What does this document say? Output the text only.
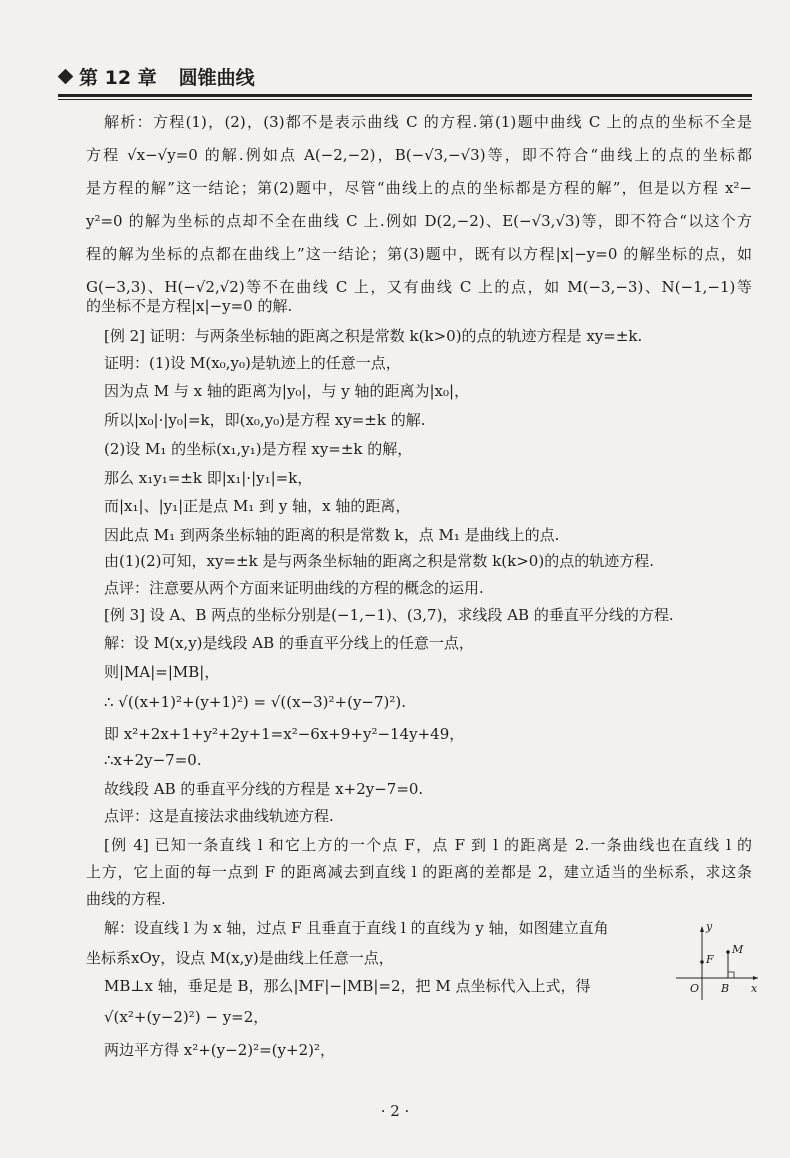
第 12 章 圆锥曲线
解析：方程(1)，(2)，(3)都不是表示曲线 C 的方程.第(1)题中曲线 C 上的点的坐标不全是
方程 √x−√y=0 的解.例如点 A(−2,−2)，B(−√3,−√3)等，即不符合“曲线上的点的坐标都
是方程的解”这一结论；第(2)题中，尽管“曲线上的点的坐标都是方程的解”，但是以方程 x²−
y²=0 的解为坐标的点却不全在曲线 C 上.例如 D(2,−2)、E(−√3,√3)等，即不符合“以这个方
程的解为坐标的点都在曲线上”这一结论；第(3)题中，既有以方程|x|−y=0 的解坐标的点，如
G(−3,3)、H(−√2,√2)等不在曲线 C 上，又有曲线 C 上的点，如 M(−3,−3)、N(−1,−1)等
的坐标不是方程|x|−y=0 的解.
[例 2] 证明：与两条坐标轴的距离之积是常数 k(k>0)的点的轨迹方程是 xy=±k.
证明：(1)设 M(x₀,y₀)是轨迹上的任意一点，
因为点 M 与 x 轴的距离为|y₀|，与 y 轴的距离为|x₀|，
所以|x₀|·|y₀|=k，即(x₀,y₀)是方程 xy=±k 的解.
(2)设 M₁ 的坐标(x₁,y₁)是方程 xy=±k 的解，
那么 x₁y₁=±k 即|x₁|·|y₁|=k，
而|x₁|、|y₁|正是点 M₁ 到 y 轴，x 轴的距离，
因此点 M₁ 到两条坐标轴的距离的积是常数 k，点 M₁ 是曲线上的点.
由(1)(2)可知，xy=±k 是与两条坐标轴的距离之积是常数 k(k>0)的点的轨迹方程.
点评：注意要从两个方面来证明曲线的方程的概念的运用.
[例 3] 设 A、B 两点的坐标分别是(−1,−1)、(3,7)，求线段 AB 的垂直平分线的方程.
解：设 M(x,y)是线段 AB 的垂直平分线上的任意一点，
则|MA|=|MB|，
∴ √((x+1)²+(y+1)²) = √((x−3)²+(y−7)²).
即 x²+2x+1+y²+2y+1=x²−6x+9+y²−14y+49，
∴x+2y−7=0.
故线段 AB 的垂直平分线的方程是 x+2y−7=0.
点评：这是直接法求曲线轨迹方程.
[例 4] 已知一条直线 l 和它上方的一个点 F，点 F 到 l 的距离是 2.一条曲线也在直线 l 的
上方，它上面的每一点到 F 的距离减去到直线 l 的距离的差都是 2，建立适当的坐标系，求这条
曲线的方程.
解：设直线 l 为 x 轴，过点 F 且垂直于直线 l 的直线为 y 轴，如图建立直角
坐标系xOy，设点 M(x,y)是曲线上任意一点，
MB⊥x 轴，垂足是 B，那么|MF|−|MB|=2，把 M 点坐标代入上式，得
√(x²+(y−2)²) − y=2，
两边平方得 x²+(y−2)²=(y+2)²，
y
x
O
F
M
B
· 2 ·
